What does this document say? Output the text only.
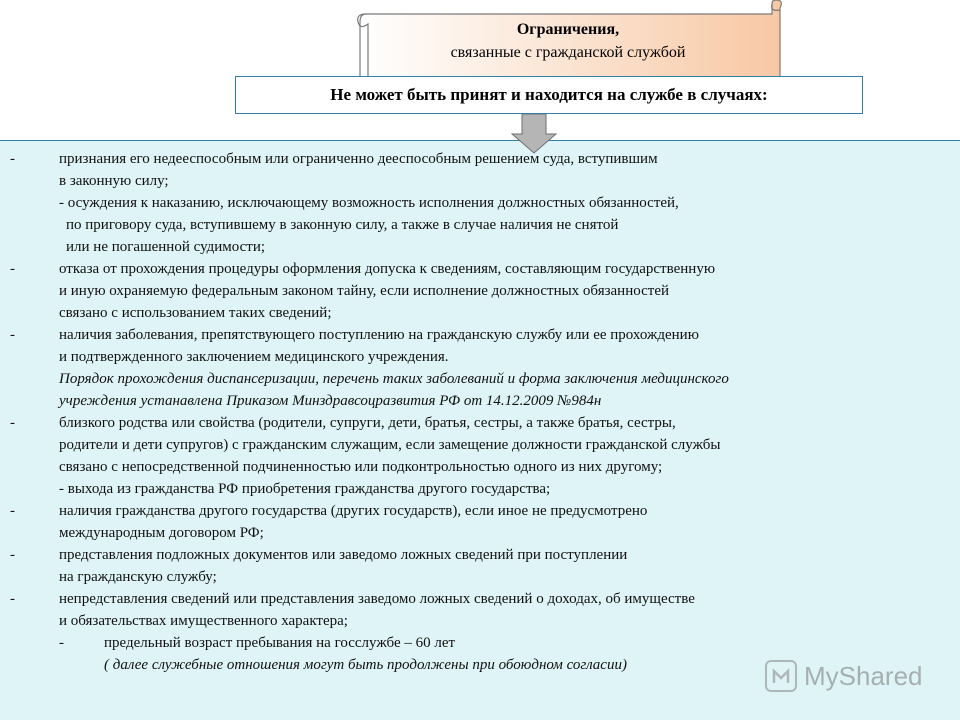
Ограничения,
связанные с гражданской службой
Не может быть принят и находится на службе в случаях:
-
-
-
-
-
-
-
-
признания его недееспособным или ограниченно дееспособным решением суда, вступившим
в законную силу;
- осуждения к наказанию, исключающему возможность исполнения должностных обязанностей,
по приговору суда, вступившему в законную силу, а также в случае наличия не снятой
или не погашенной судимости;
отказа от прохождения процедуры оформления допуска к сведениям, составляющим государственную
и иную охраняемую федеральным законом тайну, если исполнение должностных обязанностей
связано с использованием таких сведений;
наличия заболевания, препятствующего поступлению на гражданскую службу или ее прохождению
и подтвержденного заключением медицинского учреждения.
Порядок прохождения диспансеризации, перечень таких заболеваний и форма заключения медицинского
учреждения устанавлена Приказом Минздравсоцразвития РФ от 14.12.2009 №984н
близкого родства или свойства (родители, супруги, дети, братья, сестры, а также братья, сестры,
родители и дети супругов) с гражданским служащим, если замещение должности гражданской службы
связано с непосредственной подчиненностью или подконтрольностью одного из них другому;
- выхода из гражданства РФ приобретения гражданства другого государства;
наличия гражданства другого государства (других государств), если иное не предусмотрено
международным договором РФ;
представления подложных документов или заведомо ложных сведений при поступлении
на гражданскую службу;
непредставления сведений или представления заведомо ложных сведений о доходах, об имуществе
и обязательствах имущественного характера;
предельный возраст пребывания на госслужбе – 60 лет
( далее служебные отношения могут быть продолжены при обоюдном согласии)	MyShared
